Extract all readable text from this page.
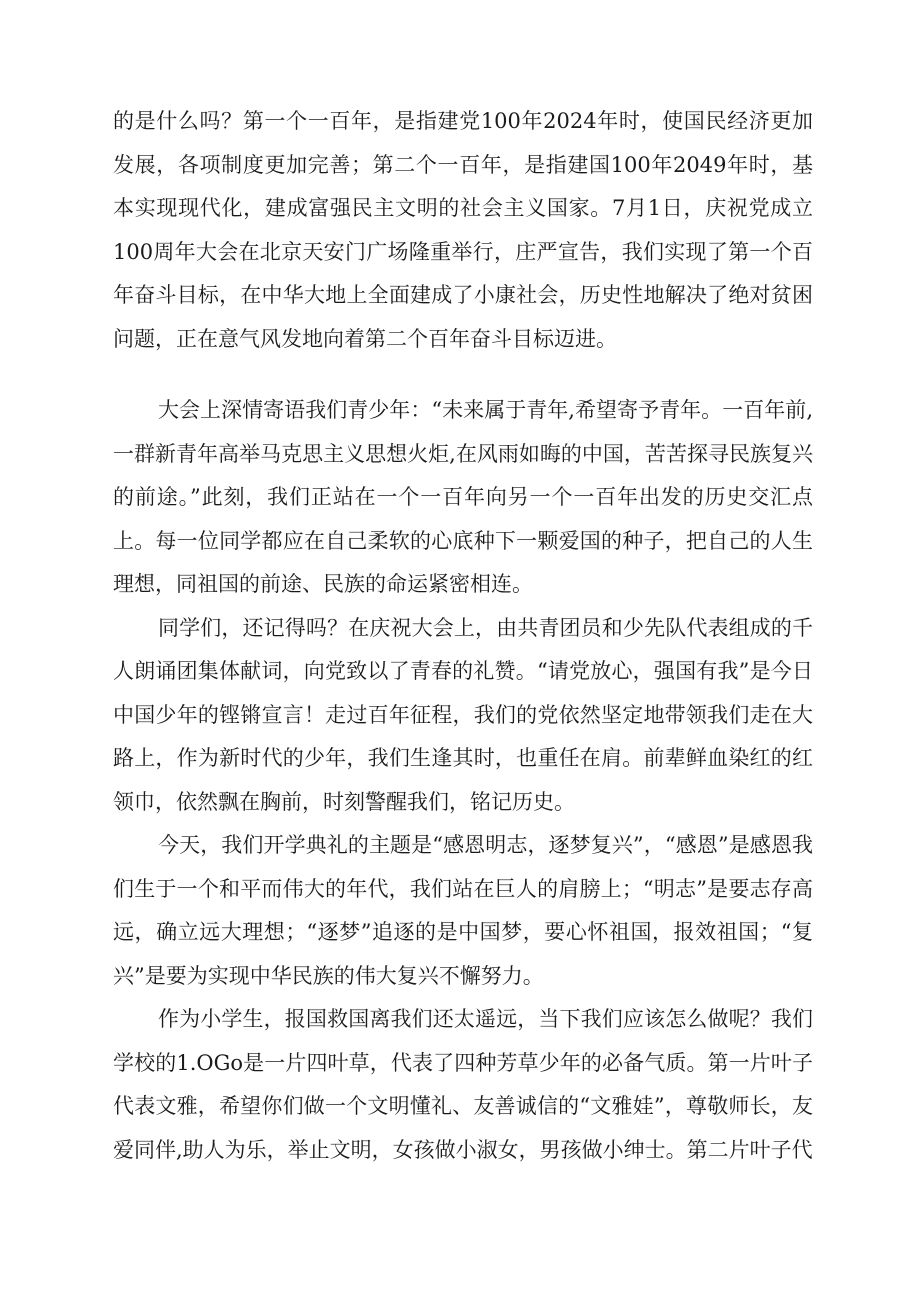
的是什么吗？第一个一百年，是指建党100年2024年时，使国民经济更加发展，各项制度更加完善；第二个一百年，是指建国100年2049年时，基本实现现代化，建成富强民主文明的社会主义国家。7月1日，庆祝党成立100周年大会在北京天安门广场隆重举行，庄严宣告，我们实现了第一个百年奋斗目标，在中华大地上全面建成了小康社会，历史性地解决了绝对贫困问题，正在意气风发地向着第二个百年奋斗目标迈进。

大会上深情寄语我们青少年：“未来属于青年,希望寄予青年。一百年前,一群新青年高举马克思主义思想火炬,在风雨如晦的中国，苦苦探寻民族复兴的前途。”此刻，我们正站在一个一百年向另一个一百年出发的历史交汇点上。每一位同学都应在自己柔软的心底种下一颗爱国的种子，把自己的人生理想，同祖国的前途、民族的命运紧密相连。

同学们，还记得吗？在庆祝大会上，由共青团员和少先队代表组成的千人朗诵团集体献词，向党致以了青春的礼赞。“请党放心，强国有我”是今日中国少年的铿锵宣言！走过百年征程，我们的党依然坚定地带领我们走在大路上，作为新时代的少年，我们生逢其时，也重任在肩。前辈鲜血染红的红领巾，依然飘在胸前，时刻警醒我们，铭记历史。

今天，我们开学典礼的主题是“感恩明志，逐梦复兴”，“感恩”是感恩我们生于一个和平而伟大的年代，我们站在巨人的肩膀上；“明志”是要志存高远，确立远大理想；“逐梦”追逐的是中国梦，要心怀祖国，报效祖国；“复兴”是要为实现中华民族的伟大复兴不懈努力。

作为小学生，报国救国离我们还太遥远，当下我们应该怎么做呢？我们学校的1.OGo是一片四叶草，代表了四种芳草少年的必备气质。第一片叶子代表文雅，希望你们做一个文明懂礼、友善诚信的“文雅娃”，尊敬师长，友爱同伴,助人为乐，举止文明，女孩做小淑女，男孩做小绅士。第二片叶子代
